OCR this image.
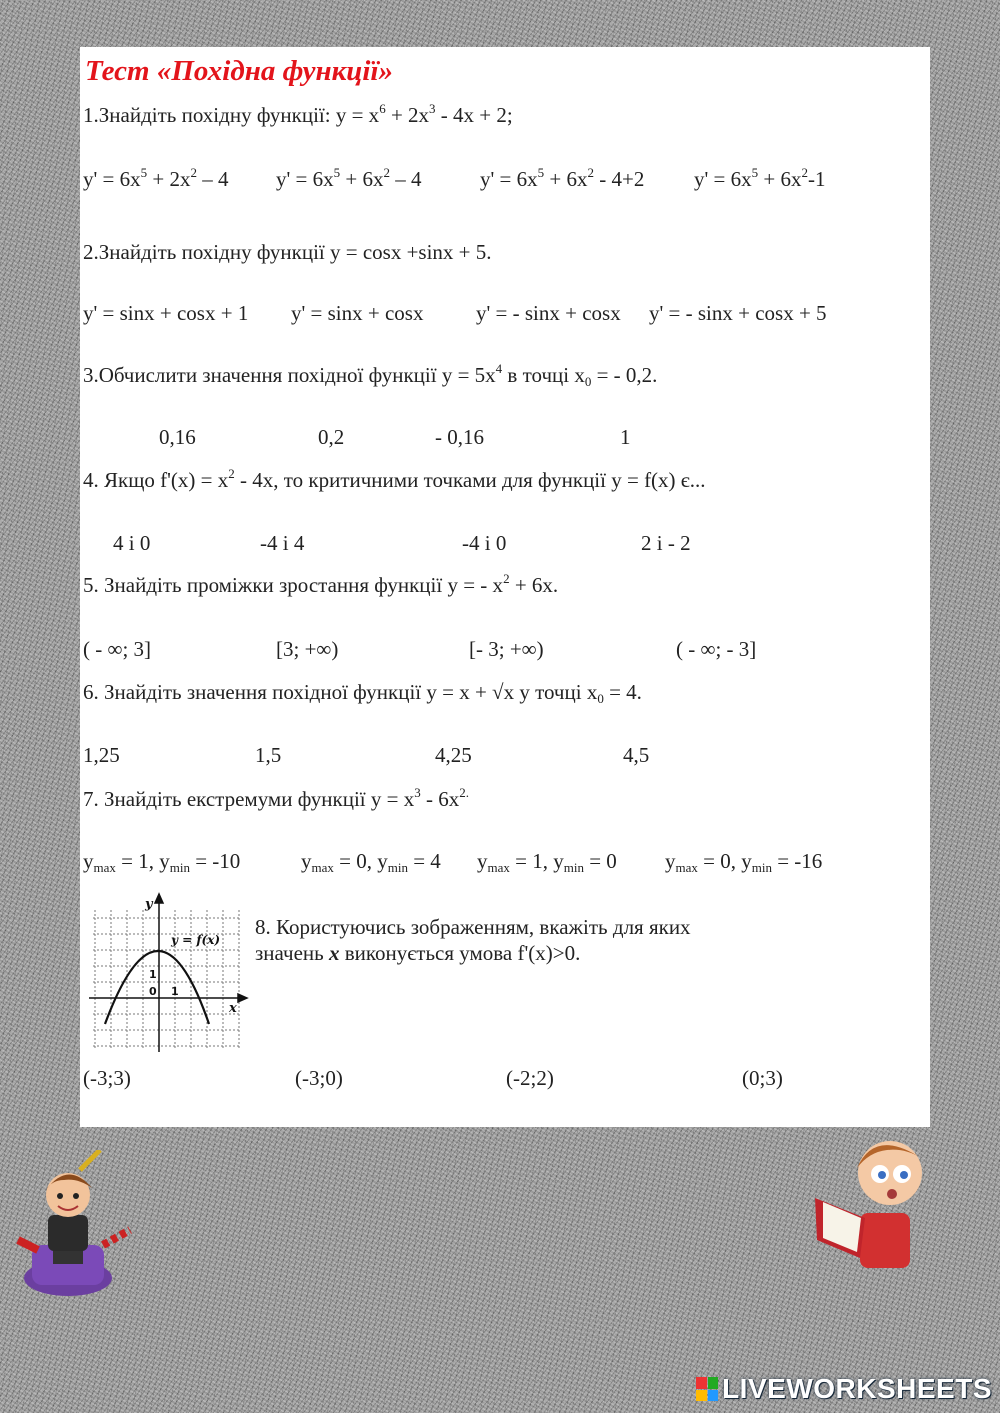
Тест «Похідна функції»
1.Знайдіть похідну функції: $y = x^6 + 2x^3 - 4x + 2$;
$y' = 6x^5 + 2x^2 - 4$ $y' = 6x^5 + 6x^2 - 4$	$y' = 6x^5 + 6x^2 - 4+2$ $y' = 6x^5 + 6x^2-1$
2.Знайдіть похідну функції y = cosx +sinx + 5.
y' = sinx + cosx + 1 y' = sinx + cosx	y' = - sinx + cosx y' = - sinx + cosx + 5
3.Обчислити значення похідної функції $y = 5x^4$ в точці $x_0$ = - 0,2.
0,16	0,2	- 0,16	1
4. Якщо $f'(x) = x^2 - 4x$, то критичними точками для функції y = f(x) є...
4 і 0	-4 і 4	-4 і 0	2 і - 2
5. Знайдіть проміжки зростання функції y = - $x^2 + 6x$.
( - ∞; 3]	[3; +∞)	[- 3; +∞)	( - ∞; - 3]
6. Знайдіть значення похідної функції y = x + √x у точці $x_0 = 4$.
1,25	1,5	4,25	4,5
7. Знайдіть екстремуми функції $y = x^3 - 6x^{2.}$
$y_{max} = 1$, $y_{min} = -10$	$y_{max} = 0$, $y_{min} = 4$ $y_{max} = 1$, $y_{min} = 0$ $y_{max} = 0$, $y_{min} = -16$
y
x
y = f(x)
1
0 1
8. Користуючись зображенням, вкажіть для яких
значень x виконується умова f'(x)>0.
(-3;3)	(-3;0)	(-2;2)	(0;3)
LIVEWORKSHEETS
